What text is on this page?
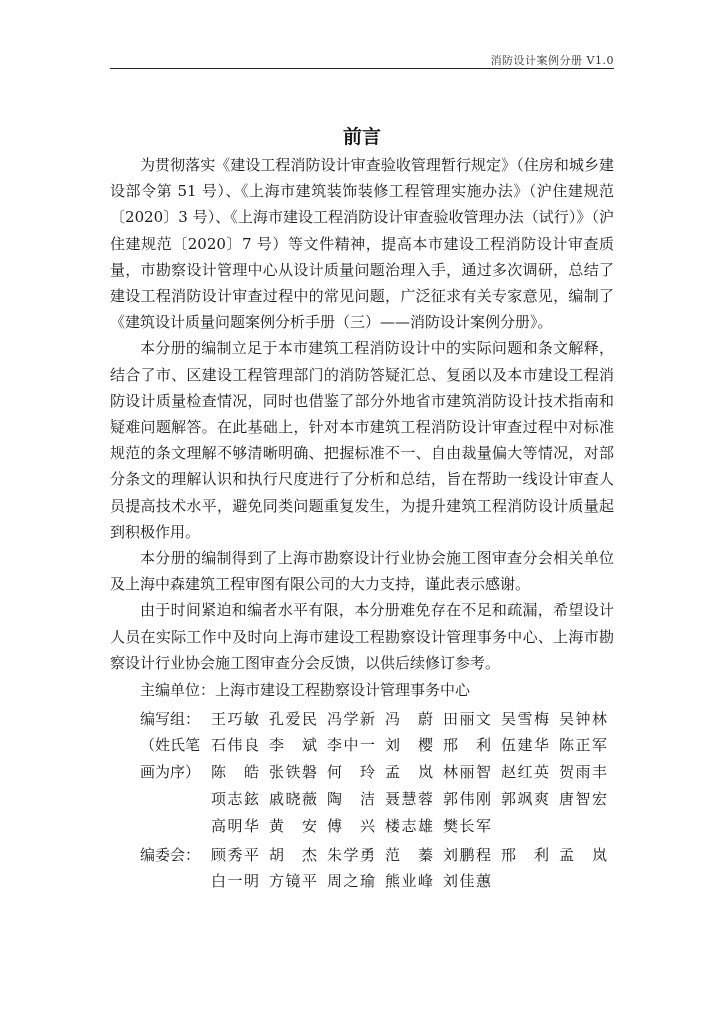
消防设计案例分册 V1.0
前言

为贯彻落实《建设工程消防设计审查验收管理暂行规定》（住房和城乡建设部令第 51 号）、《上海市建筑装饰装修工程管理实施办法》（沪住建规范〔2020〕3 号）、《上海市建设工程消防设计审查验收管理办法（试行）》（沪住建规范〔2020〕7 号）等文件精神，提高本市建设工程消防设计审查质量，市勘察设计管理中心从设计质量问题治理入手，通过多次调研，总结了建设工程消防设计审查过程中的常见问题，广泛征求有关专家意见，编制了《建筑设计质量问题案例分析手册（三）——消防设计案例分册》。

本分册的编制立足于本市建筑工程消防设计中的实际问题和条文解释，结合了市、区建设工程管理部门的消防答疑汇总、复函以及本市建设工程消防设计质量检查情况，同时也借鉴了部分外地省市建筑消防设计技术指南和疑难问题解答。在此基础上，针对本市建筑工程消防设计审查过程中对标准规范的条文理解不够清晰明确、把握标准不一、自由裁量偏大等情况，对部分条文的理解认识和执行尺度进行了分析和总结，旨在帮助一线设计审查人员提高技术水平，避免同类问题重复发生，为提升建筑工程消防设计质量起到积极作用。

本分册的编制得到了上海市勘察设计行业协会施工图审查分会相关单位及上海中森建筑工程审图有限公司的大力支持，谨此表示感谢。

由于时间紧迫和编者水平有限，本分册难免存在不足和疏漏，希望设计人员在实际工作中及时向上海市建设工程勘察设计管理事务中心、上海市勘察设计行业协会施工图审查分会反馈，以供后续修订参考。

主编单位：上海市建设工程勘察设计管理事务中心
编写组：
（姓氏笔
画为序）
王巧敏 孔爱民 冯学新 冯　蔚 田丽文 吴雪梅 吴钟林
石伟良 李　斌 李中一 刘　樱 邢　利 伍建华 陈正军
陈　皓 张铁磐 何　玲 孟　岚 林丽智 赵红英 贺雨丰
项志鉉 戚晓薇 陶　洁 聂慧蓉 郭伟刚 郭飒爽 唐智宏
高明华 黄　安 傅　兴 楼志雄 樊长军
编委会： 顾秀平 胡　杰 朱学勇 范　蓁 刘鹏程 邢　利 孟　岚
白一明 方镜平 周之瑜 熊业峰 刘佳蕙
